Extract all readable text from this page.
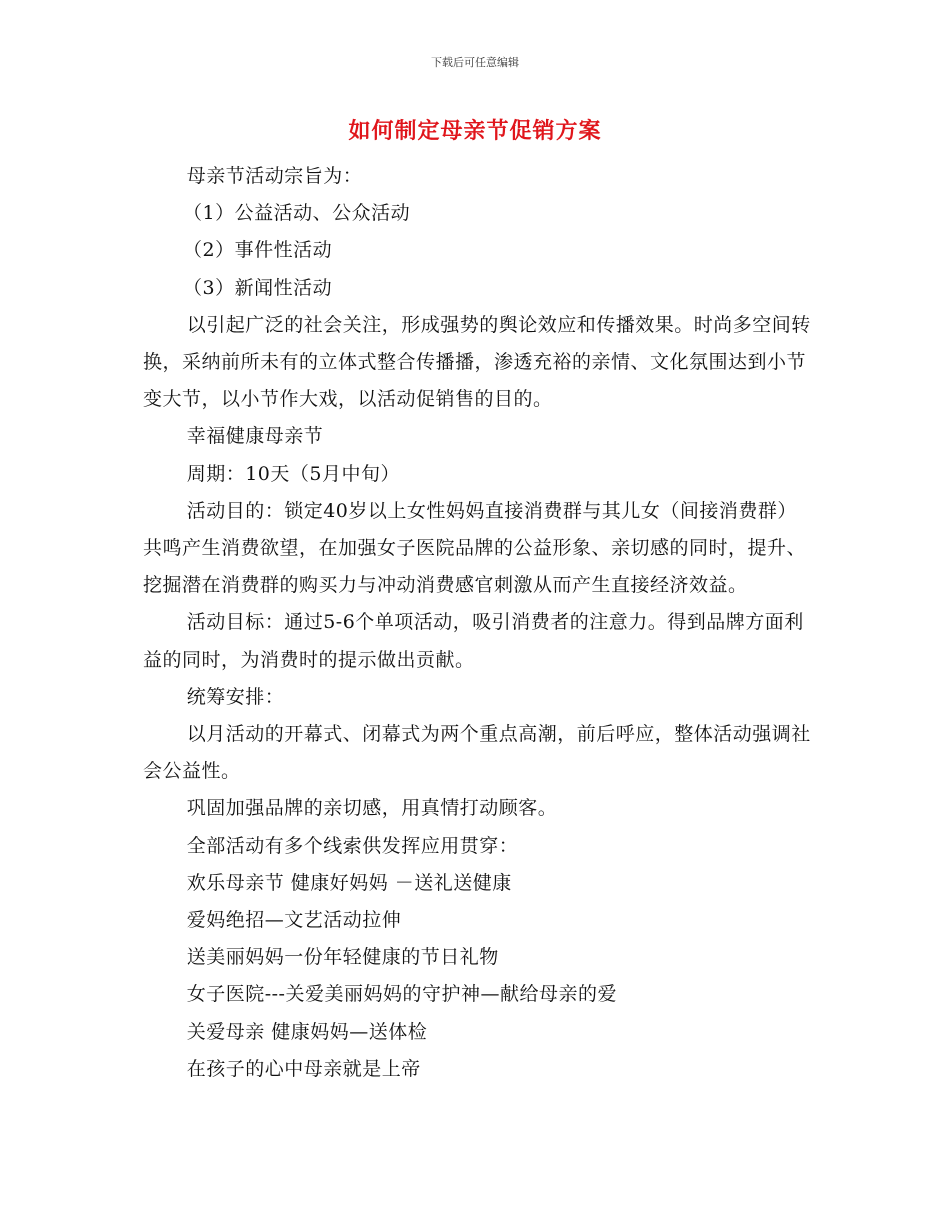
下载后可任意编辑
如何制定母亲节促销方案

母亲节活动宗旨为：

（1）公益活动、公众活动

（2）事件性活动

（3）新闻性活动

以引起广泛的社会关注，形成强势的舆论效应和传播效果。时尚多空间转换，采纳前所未有的立体式整合传播播，渗透充裕的亲情、文化氛围达到小节变大节，以小节作大戏，以活动促销售的目的。

幸福健康母亲节

周期：10天（5月中旬）

活动目的：锁定40岁以上女性妈妈直接消费群与其儿女（间接消费群）共鸣产生消费欲望，在加强女子医院品牌的公益形象、亲切感的同时，提升、挖掘潜在消费群的购买力与冲动消费感官刺激从而产生直接经济效益。

活动目标：通过5-6个单项活动，吸引消费者的注意力。得到品牌方面利益的同时，为消费时的提示做出贡献。

统筹安排：

以月活动的开幕式、闭幕式为两个重点高潮，前后呼应，整体活动强调社会公益性。

巩固加强品牌的亲切感，用真情打动顾客。

全部活动有多个线索供发挥应用贯穿：

欢乐母亲节 健康好妈妈 －送礼送健康

爱妈绝招—文艺活动拉伸

送美丽妈妈一份年轻健康的节日礼物

女子医院---关爱美丽妈妈的守护神—献给母亲的爱

关爱母亲 健康妈妈—送体检

在孩子的心中母亲就是上帝
